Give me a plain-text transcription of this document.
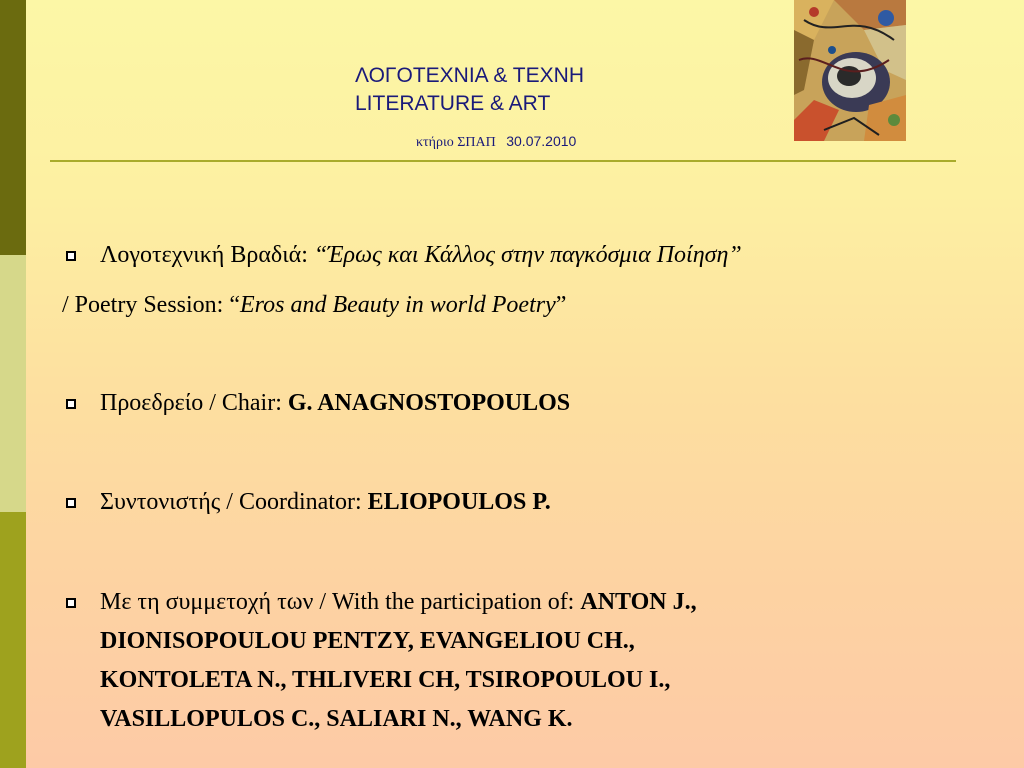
ΛΟΓΟΤΕΧΝΙΑ & ΤΕΧΝΗ
LITERATURE & ART
κτήριο ΣΠΑΠ 30.07.2010
Λογοτεχνική Βραδιά: “Έρως και Κάλλος στην παγκόσμια Ποίηση”
/ Poetry Session: “Eros and Beauty in world Poetry”
Προεδρείο / Chair: G. ANAGNOSTOPOULOS
Συντονιστής / Coordinator: ELIOPOULOS P.
Με τη συμμετοχή των / With the participation of: ANTON J.,
DIONISOPOULOU PENTZY, EVANGELIOU CH.,
KONTOLETA N., THLIVERI CH, TSIROPOULOU I.,
VASILLOPULOS C., SALIARI N., WANG K.
